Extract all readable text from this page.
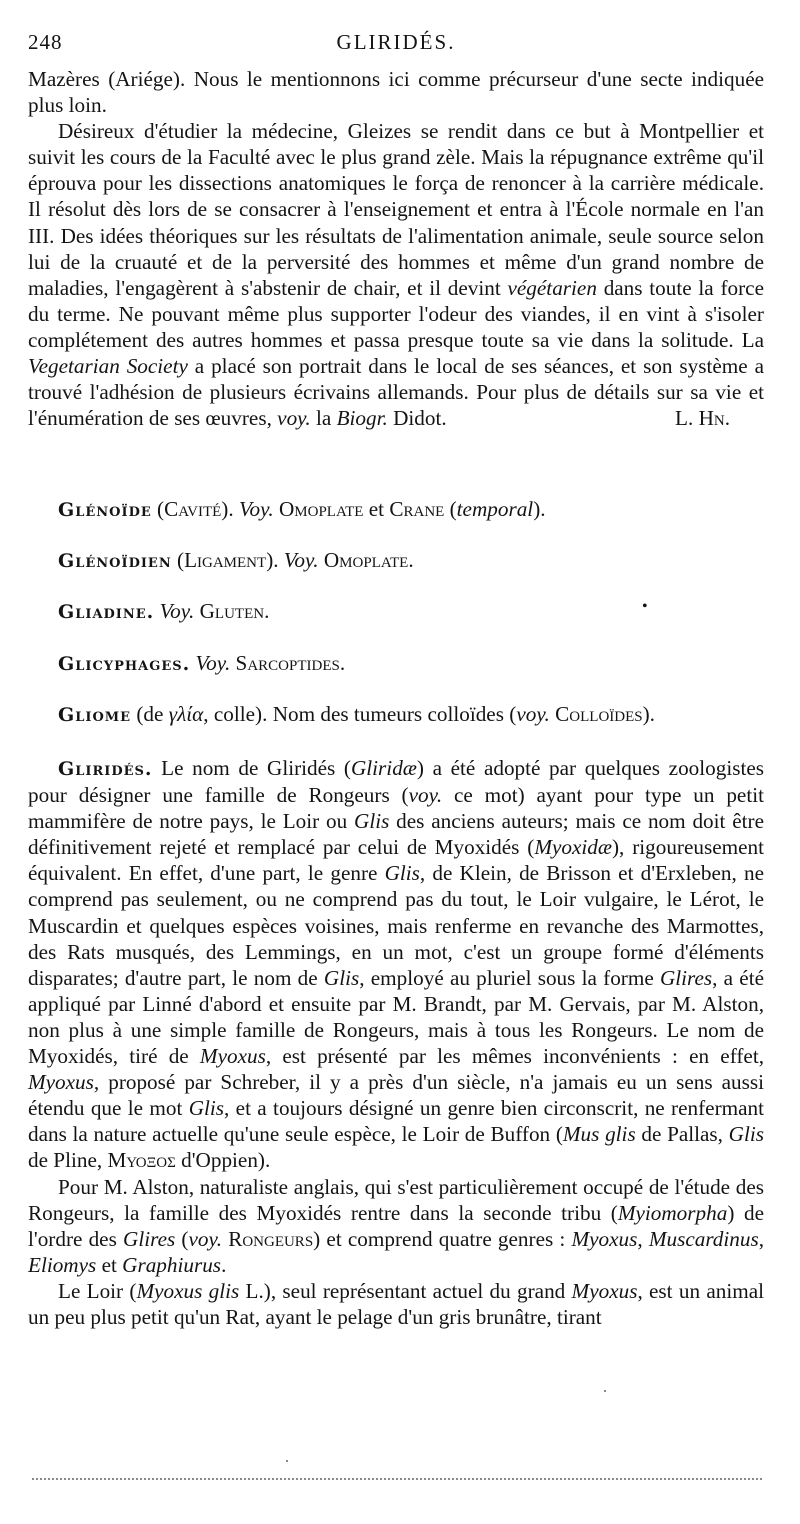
248	GLIRIDÉS.

Mazères (Ariége). Nous le mentionnons ici comme précurseur d'une secte indiquée plus loin.

Désireux d'étudier la médecine, Gleizes se rendit dans ce but à Montpellier et suivit les cours de la Faculté avec le plus grand zèle. Mais la répugnance extrême qu'il éprouva pour les dissections anatomiques le força de renoncer à la carrière médicale. Il résolut dès lors de se consacrer à l'enseignement et entra à l'École normale en l'an III. Des idées théoriques sur les résultats de l'alimentation animale, seule source selon lui de la cruauté et de la perversité des hommes et même d'un grand nombre de maladies, l'engagèrent à s'abstenir de chair, et il devint végétarien dans toute la force du terme. Ne pouvant même plus supporter l'odeur des viandes, il en vint à s'isoler complétement des autres hommes et passa presque toute sa vie dans la solitude. La Vegetarian Society a placé son portrait dans le local de ses séances, et son système a trouvé l'adhésion de plusieurs écrivains allemands. Pour plus de détails sur sa vie et l'énumération de ses œuvres, voy. la Biogr. Didot.	L. Hn.

Glénoïde (Cavité). Voy. Omoplate et Crane (temporal).

Glénoïdien (Ligament). Voy. Omoplate.

Gliadine. Voy. Gluten.	•

Glicyphages. Voy. Sarcoptides.

Gliome (de γλία, colle). Nom des tumeurs colloïdes (voy. Colloïdes).

Gliridés. Le nom de Gliridés (Gliridæ) a été adopté par quelques zoologistes pour désigner une famille de Rongeurs (voy. ce mot) ayant pour type un petit mammifère de notre pays, le Loir ou Glis des anciens auteurs; mais ce nom doit être définitivement rejeté et remplacé par celui de Myoxidés (Myoxidæ), rigoureusement équivalent. En effet, d'une part, le genre Glis, de Klein, de Brisson et d'Erxleben, ne comprend pas seulement, ou ne comprend pas du tout, le Loir vulgaire, le Lérot, le Muscardin et quelques espèces voisines, mais renferme en revanche des Marmottes, des Rats musqués, des Lemmings, en un mot, c'est un groupe formé d'éléments disparates; d'autre part, le nom de Glis, employé au pluriel sous la forme Glires, a été appliqué par Linné d'abord et ensuite par M. Brandt, par M. Gervais, par M. Alston, non plus à une simple famille de Rongeurs, mais à tous les Rongeurs. Le nom de Myoxidés, tiré de Myoxus, est présenté par les mêmes inconvénients : en effet, Myoxus, proposé par Schreber, il y a près d'un siècle, n'a jamais eu un sens aussi étendu que le mot Glis, et a toujours désigné un genre bien circonscrit, ne renfermant dans la nature actuelle qu'une seule espèce, le Loir de Buffon (Mus glis de Pallas, Glis de Pline, Μυοξος d'Oppien).

Pour M. Alston, naturaliste anglais, qui s'est particulièrement occupé de l'étude des Rongeurs, la famille des Myoxidés rentre dans la seconde tribu (Myiomorpha) de l'ordre des Glires (voy. Rongeurs) et comprend quatre genres : Myoxus, Muscardinus, Eliomys et Graphiurus.

Le Loir (Myoxus glis L.), seul représentant actuel du grand Myoxus, est un animal un peu plus petit qu'un Rat, ayant le pelage d'un gris brunâtre, tirant
